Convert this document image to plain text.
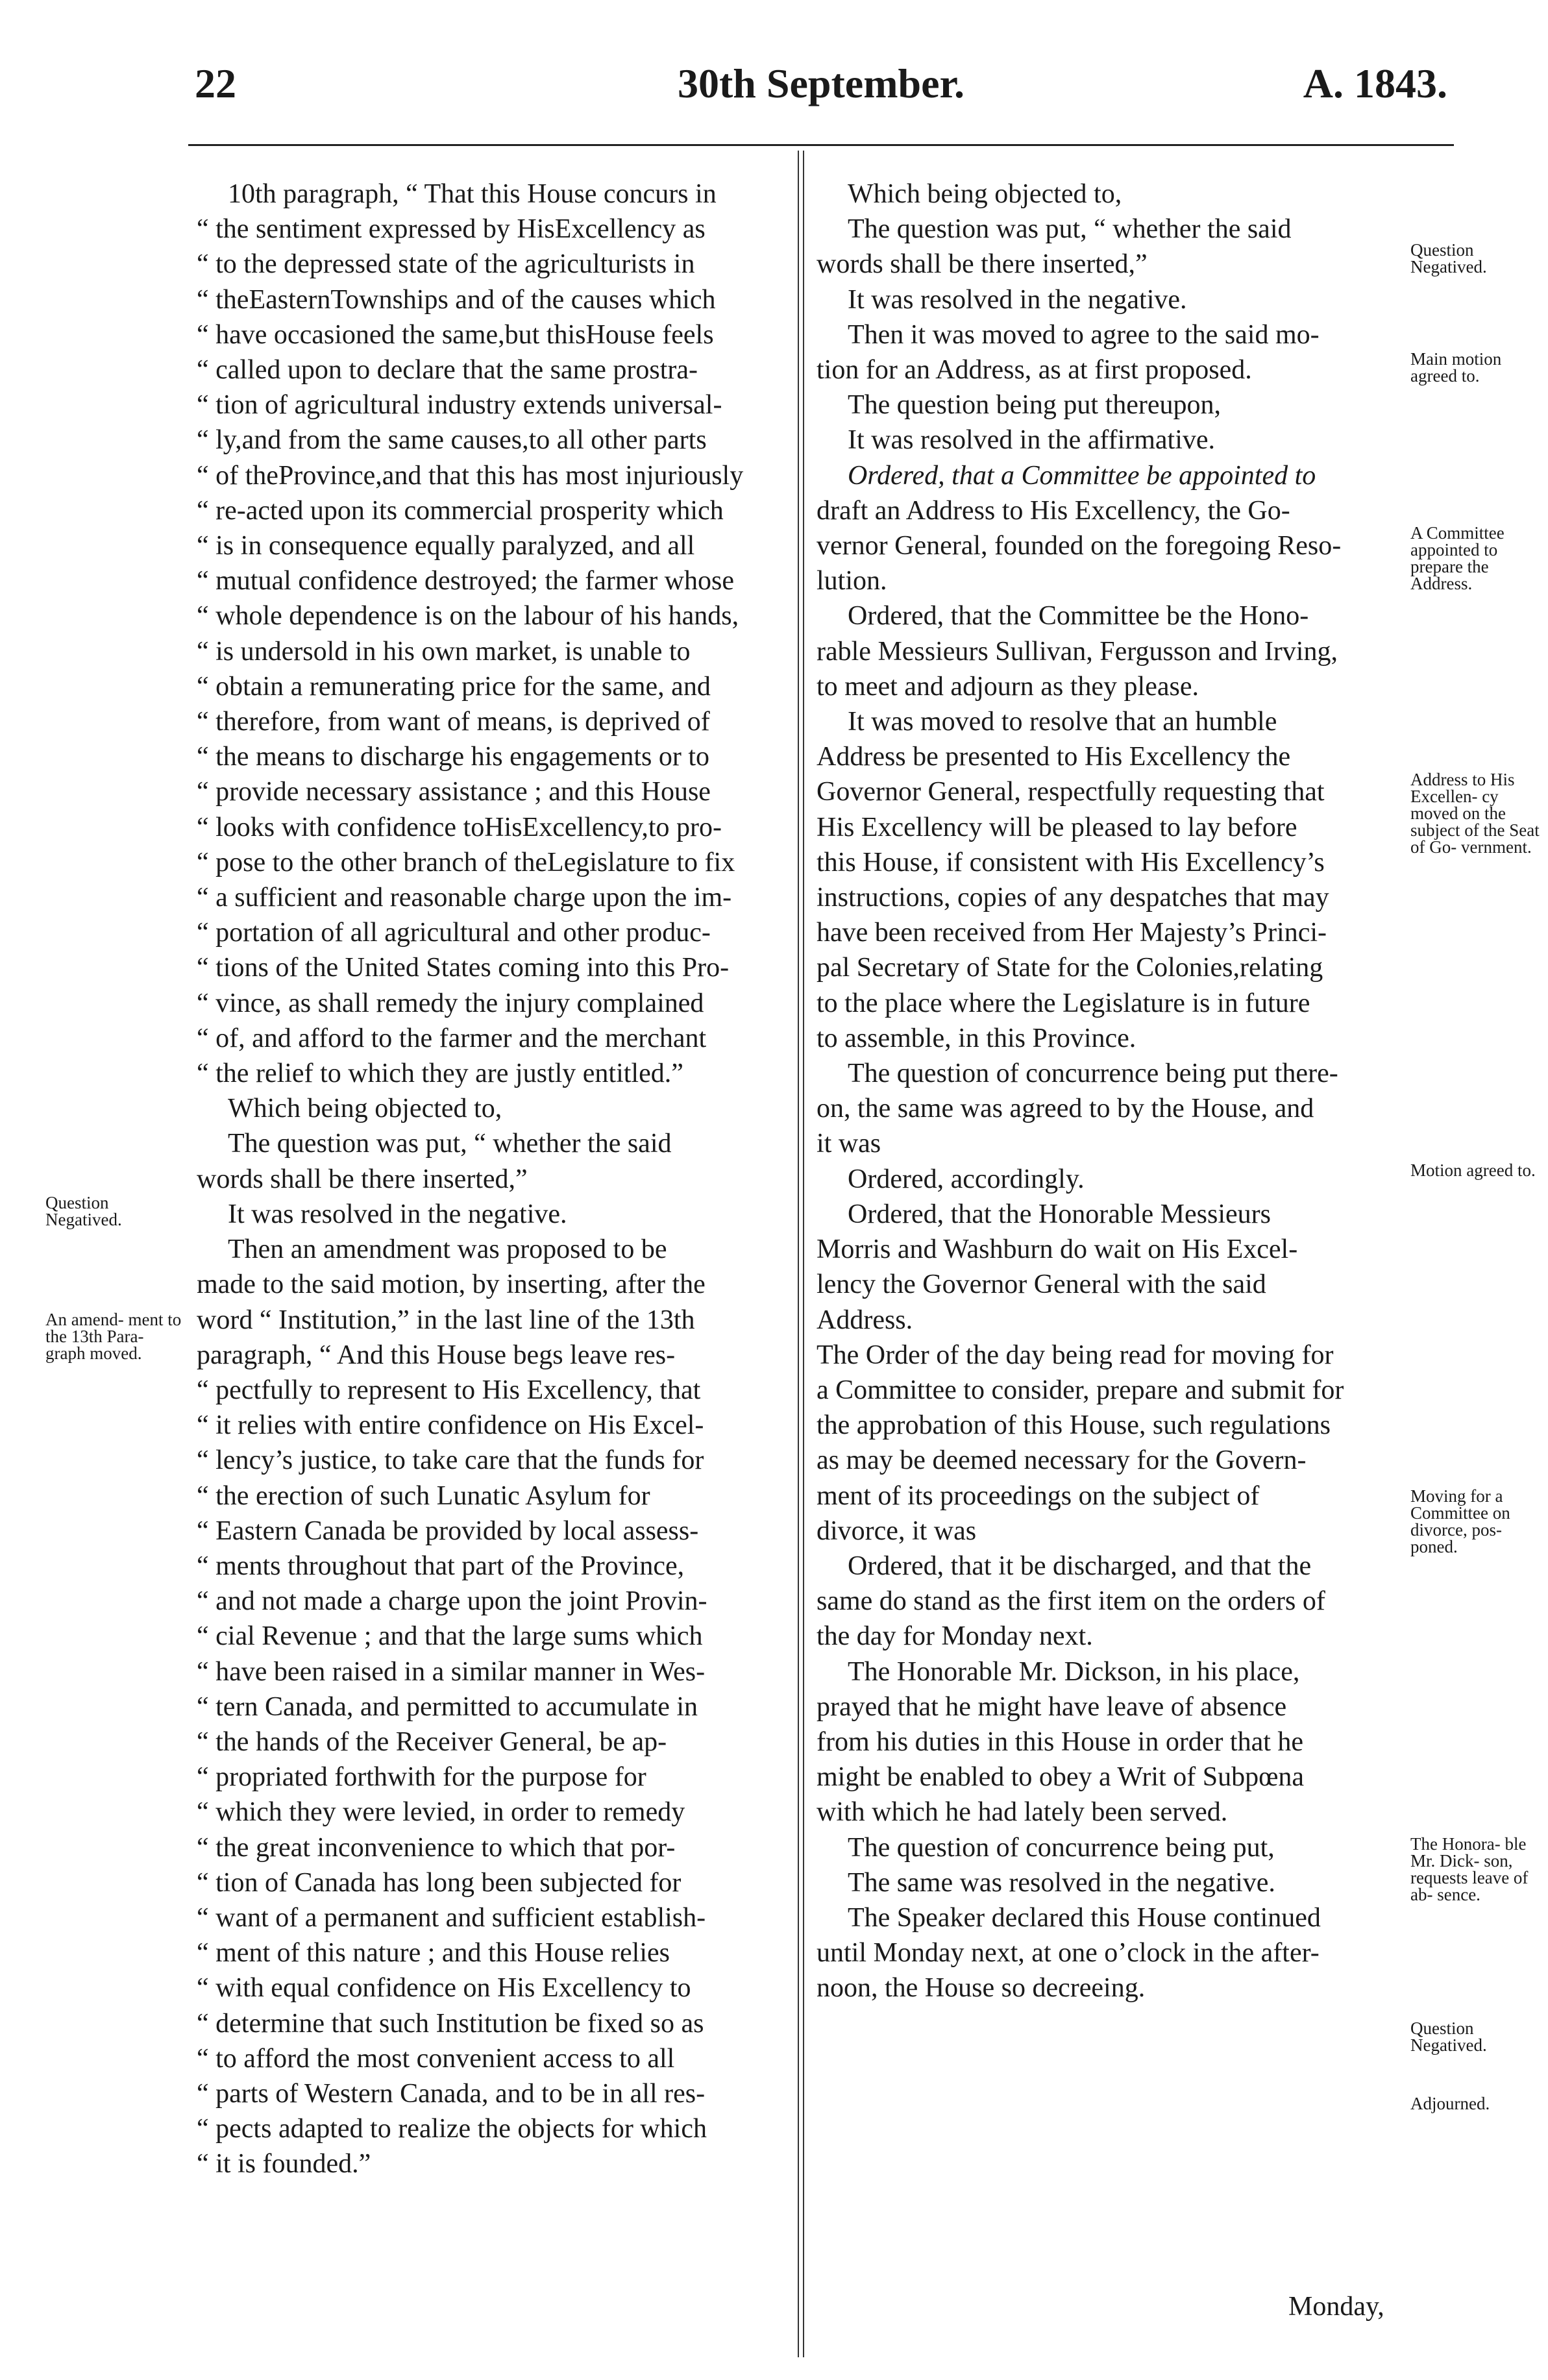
22	30th September.	A. 1843.

10th paragraph, “ That this House concurs in

“ the sentiment expressed by HisExcellency as

“ to the depressed state of the agriculturists in

“ theEasternTownships and of the causes which

“ have occasioned the same,but thisHouse feels

“ called upon to declare that the same prostra-

“ tion of agricultural industry extends universal-

“ ly,and from the same causes,to all other parts

“ of theProvince,and that this has most injuriously

“ re-acted upon its commercial prosperity which

“ is in consequence equally paralyzed, and all

“ mutual confidence destroyed; the farmer whose

“ whole dependence is on the labour of his hands,

“ is undersold in his own market, is unable to

“ obtain a remunerating price for the same, and

“ therefore, from want of means, is deprived of

“ the means to discharge his engagements or to

“ provide necessary assistance ; and this House

“ looks with confidence toHisExcellency,to pro-

“ pose to the other branch of theLegislature to fix

“ a sufficient and reasonable charge upon the im-

“ portation of all agricultural and other produc-

“ tions of the United States coming into this Pro-

“ vince, as shall remedy the injury complained

“ of, and afford to the farmer and the merchant

“ the relief to which they are justly entitled.”

Which being objected to,

The question was put, “ whether the said

words shall be there inserted,”

It was resolved in the negative.

Then an amendment was proposed to be

made to the said motion, by inserting, after the

word “ Institution,” in the last line of the 13th

paragraph, “ And this House begs leave res-

“ pectfully to represent to His Excellency, that

“ it relies with entire confidence on His Excel-

“ lency’s justice, to take care that the funds for

“ the erection of such Lunatic Asylum for

“ Eastern Canada be provided by local assess-

“ ments throughout that part of the Province,

“ and not made a charge upon the joint Provin-

“ cial Revenue ; and that the large sums which

“ have been raised in a similar manner in Wes-

“ tern Canada, and permitted to accumulate in

“ the hands of the Receiver General, be ap-

“ propriated forthwith for the purpose for

“ which they were levied, in order to remedy

“ the great inconvenience to which that por-

“ tion of Canada has long been subjected for

“ want of a permanent and sufficient establish-

“ ment of this nature ; and this House relies

“ with equal confidence on His Excellency to

“ determine that such Institution be fixed so as

“ to afford the most convenient access to all

“ parts of Western Canada, and to be in all res-

“ pects adapted to realize the objects for which

“ it is founded.”

Which being objected to,

The question was put, “ whether the said

words shall be there inserted,”

It was resolved in the negative.

Then it was moved to agree to the said mo-

tion for an Address, as at first proposed.

The question being put thereupon,

It was resolved in the affirmative.

Ordered, that a Committee be appointed to

draft an Address to His Excellency, the Go-

vernor General, founded on the foregoing Reso-

lution.

Ordered, that the Committee be the Hono-

rable Messieurs Sullivan, Fergusson and Irving,

to meet and adjourn as they please.

It was moved to resolve that an humble

Address be presented to His Excellency the

Governor General, respectfully requesting that

His Excellency will be pleased to lay before

this House, if consistent with His Excellency’s

instructions, copies of any despatches that may

have been received from Her Majesty’s Princi-

pal Secretary of State for the Colonies,relating

to the place where the Legislature is in future

to assemble, in this Province.

The question of concurrence being put there-

on, the same was agreed to by the House, and

it was

Ordered, accordingly.

Ordered, that the Honorable Messieurs

Morris and Washburn do wait on His Excel-

lency the Governor General with the said

Address.

The Order of the day being read for moving for

a Committee to consider, prepare and submit for

the approbation of this House, such regulations

as may be deemed necessary for the Govern-

ment of its proceedings on the subject of

divorce, it was

Ordered, that it be discharged, and that the

same do stand as the first item on the orders of

the day for Monday next.

The Honorable Mr. Dickson, in his place,

prayed that he might have leave of absence

from his duties in this House in order that he

might be enabled to obey a Writ of Subpœna

with which he had lately been served.

The question of concurrence being put,

The same was resolved in the negative.

The Speaker declared this House continued

until Monday next, at one o’clock in the after-

noon, the House so decreeing.

Question Negatived.
An amend- ment to the 13th Para- graph moved.
Question Negatived.
Main motion agreed to.
A Committee appointed to prepare the Address.
Address to His Excellen- cy moved on the subject of the Seat of Go- vernment.
Motion agreed to.
Moving for a Committee on divorce, pos- poned.
The Honora- ble Mr. Dick- son, requests leave of ab- sence.
Question Negatived.
Adjourned.
Monday,
